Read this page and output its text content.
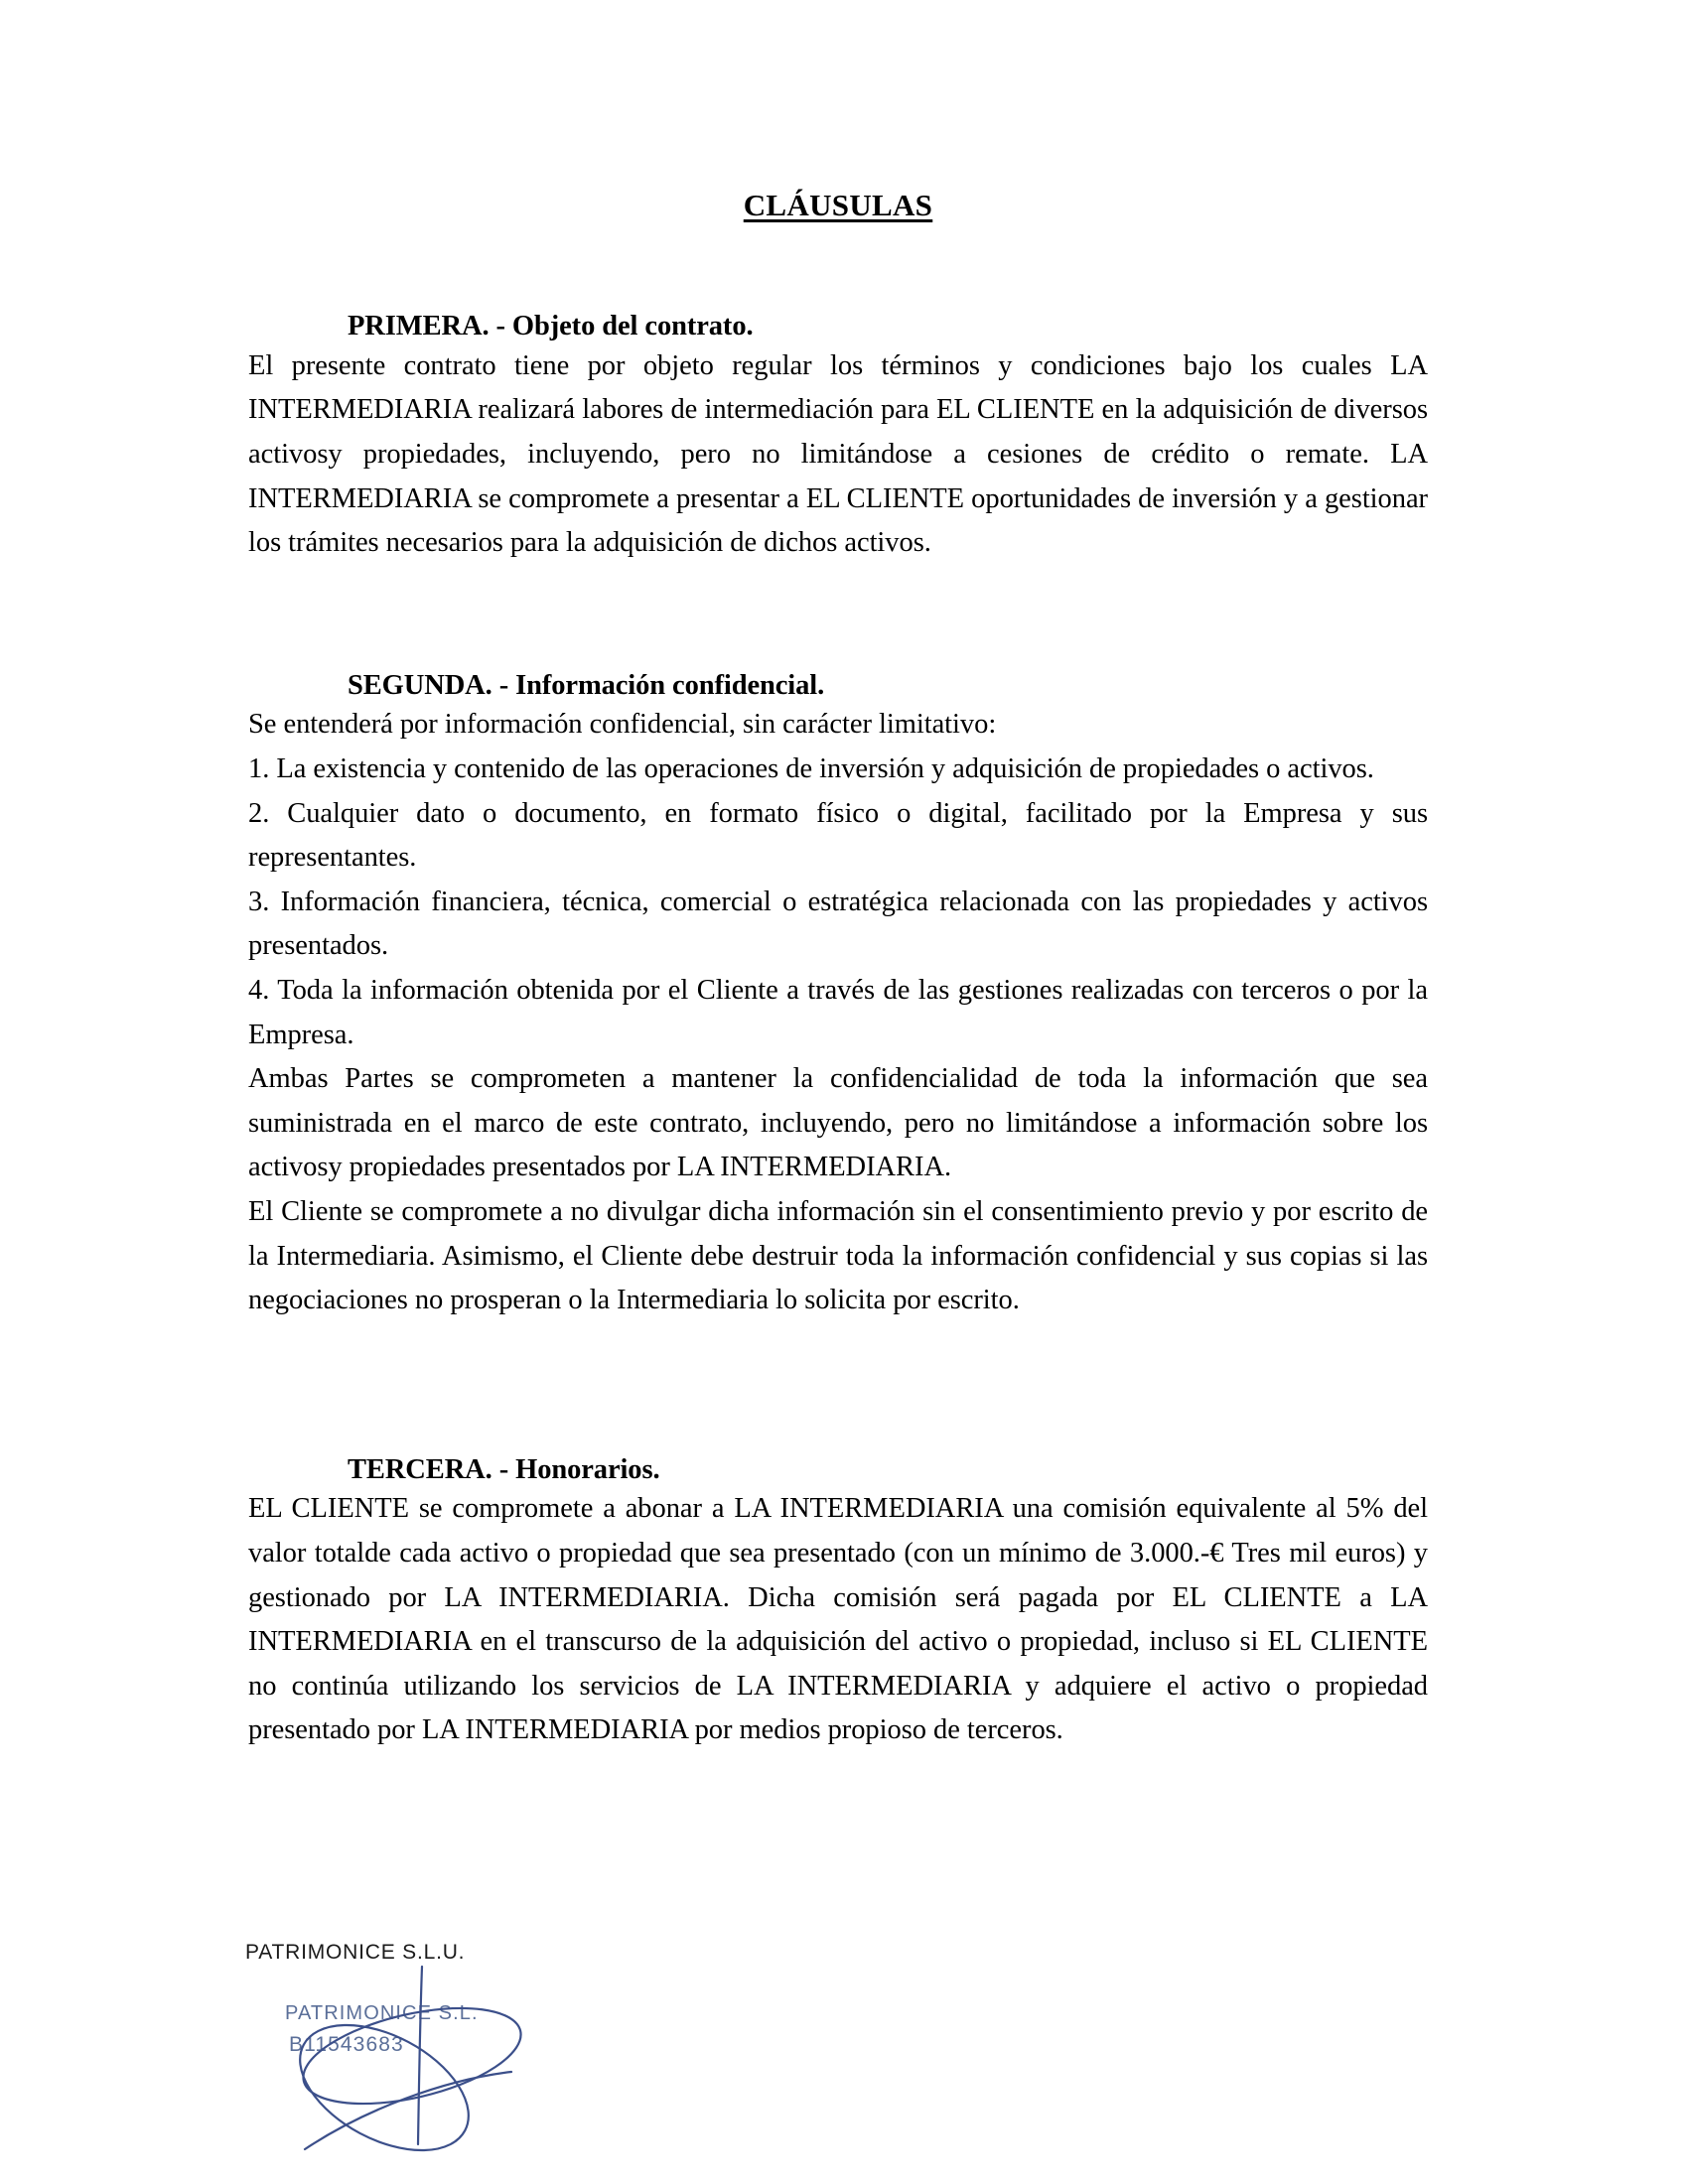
CLÁUSULAS
PRIMERA. - Objeto del contrato.

El presente contrato tiene por objeto regular los términos y condiciones bajo los cuales LA INTERMEDIARIA realizará labores de intermediación para EL CLIENTE en la adquisición de diversos activosy propiedades, incluyendo, pero no limitándose a cesiones de crédito o remate. LA INTERMEDIARIA se compromete a presentar a EL CLIENTE oportunidades de inversión y a gestionar los trámites necesarios para la adquisición de dichos activos.

SEGUNDA. - Información confidencial.

Se entenderá por información confidencial, sin carácter limitativo:

1. La existencia y contenido de las operaciones de inversión y adquisición de propiedades o activos.

2. Cualquier dato o documento, en formato físico o digital, facilitado por la Empresa y sus representantes.

3. Información financiera, técnica, comercial o estratégica relacionada con las propiedades y activos presentados.

4. Toda la información obtenida por el Cliente a través de las gestiones realizadas con terceros o por la Empresa.

Ambas Partes se comprometen a mantener la confidencialidad de toda la información que sea suministrada en el marco de este contrato, incluyendo, pero no limitándose a información sobre los activosy propiedades presentados por LA INTERMEDIARIA.

El Cliente se compromete a no divulgar dicha información sin el consentimiento previo y por escrito de la Intermediaria. Asimismo, el Cliente debe destruir toda la información confidencial y sus copias si las negociaciones no prosperan o la Intermediaria lo solicita por escrito.

TERCERA. - Honorarios.

EL CLIENTE se compromete a abonar a LA INTERMEDIARIA una comisión equivalente al 5% del valor totalde cada activo o propiedad que sea presentado (con un mínimo de 3.000.-€ Tres mil euros) y gestionado por LA INTERMEDIARIA. Dicha comisión será pagada por EL CLIENTE a LA INTERMEDIARIA en el transcurso de la adquisición del activo o propiedad, incluso si EL CLIENTE no continúa utilizando los servicios de LA INTERMEDIARIA y adquiere el activo o propiedad presentado por LA INTERMEDIARIA por medios propioso de terceros.

PATRIMONICE S.L.U.
PATRIMONICE S.L.
B11543683
